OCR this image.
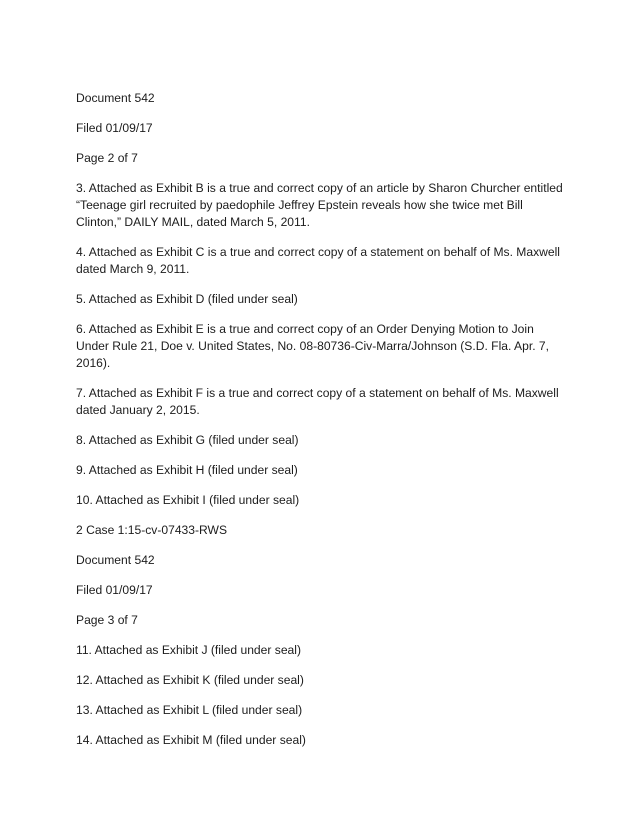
Document 542

Filed 01/09/17

Page 2 of 7

3. Attached as Exhibit B is a true and correct copy of an article by Sharon Churcher entitled “Teenage girl recruited by paedophile Jeffrey Epstein reveals how she twice met Bill Clinton,” DAILY MAIL, dated March 5, 2011.

4. Attached as Exhibit C is a true and correct copy of a statement on behalf of Ms. Maxwell dated March 9, 2011.

5. Attached as Exhibit D (filed under seal)

6. Attached as Exhibit E is a true and correct copy of an Order Denying Motion to Join Under Rule 21, Doe v. United States, No. 08-80736-Civ-Marra/Johnson (S.D. Fla. Apr. 7, 2016).

7. Attached as Exhibit F is a true and correct copy of a statement on behalf of Ms. Maxwell dated January 2, 2015.

8. Attached as Exhibit G (filed under seal)

9. Attached as Exhibit H (filed under seal)

10. Attached as Exhibit I (filed under seal)

2 Case 1:15-cv-07433-RWS

Document 542

Filed 01/09/17

Page 3 of 7

11. Attached as Exhibit J (filed under seal)

12. Attached as Exhibit K (filed under seal)

13. Attached as Exhibit L (filed under seal)

14. Attached as Exhibit M (filed under seal)
